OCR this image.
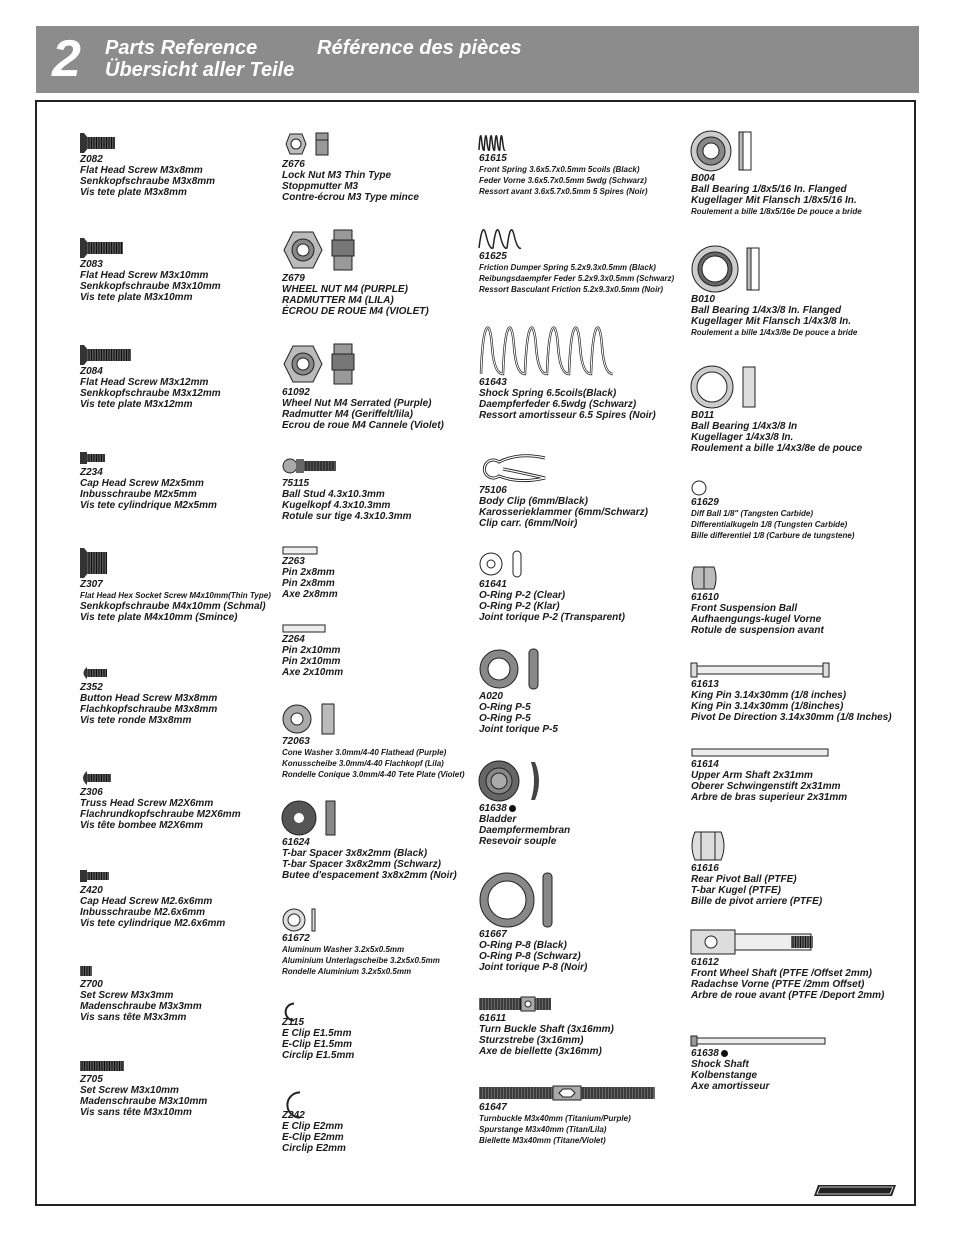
2 Parts Reference	Référence des pièces
Übersicht aller Teile
Z082
Flat Head Screw M3x8mm
Senkkopfschraube M3x8mm
Vis tete plate M3x8mm
Z083
Flat Head Screw M3x10mm
Senkkopfschraube M3x10mm
Vis tete plate M3x10mm
Z084
Flat Head Screw M3x12mm
Senkkopfschraube M3x12mm
Vis tete plate M3x12mm
Z234
Cap Head Screw M2x5mm
Inbusschraube M2x5mm
Vis tete cylindrique M2x5mm
Z307
Flat Head Hex Socket Screw M4x10mm(Thin Type)
Senkkopfschraube M4x10mm (Schmal)
Vis tete plate M4x10mm (Smince)
Z352
Button Head Screw M3x8mm
Flachkopfschraube M3x8mm
Vis tete ronde M3x8mm
Z306
Truss Head Screw M2X6mm
Flachrundkopfschraube M2X6mm
Vis tête bombee M2X6mm
Z420
Cap Head Screw M2.6x6mm
Inbusschraube M2.6x6mm
Vis tete cylindrique M2.6x6mm
Z700
Set Screw M3x3mm
Madenschraube M3x3mm
Vis sans tête M3x3mm
Z705
Set Screw M3x10mm
Madenschraube M3x10mm
Vis sans tête M3x10mm
Z676
Lock Nut M3 Thin Type
Stoppmutter M3
Contre-écrou M3 Type mince
Z679
WHEEL NUT M4 (PURPLE)
RADMUTTER M4 (LILA)
ÉCROU DE ROUE M4 (VIOLET)
61092
Wheel Nut M4 Serrated (Purple)
Radmutter M4 (Geriffelt/lila)
Ecrou de roue M4 Cannele (Violet)
75115
Ball Stud 4.3x10.3mm
Kugelkopf 4.3x10.3mm
Rotule sur tige 4.3x10.3mm
Z263
Pin 2x8mm
Pin 2x8mm
Axe 2x8mm
Z264
Pin 2x10mm
Pin 2x10mm
Axe 2x10mm
72063
Cone Washer 3.0mm/4-40 Flathead (Purple)
Konusscheibe 3.0mm/4-40 Flachkopf (Lila)
Rondelle Conique 3.0mm/4-40 Tete Plate (Violet)
61624
T-bar Spacer 3x8x2mm (Black)
T-bar Spacer 3x8x2mm (Schwarz)
Butee d'espacement 3x8x2mm (Noir)
61672
Aluminum Washer 3.2x5x0.5mm
Aluminium Unterlagscheibe 3.2x5x0.5mm
Rondelle Aluminium 3.2x5x0.5mm
Z115
E Clip E1.5mm
E-Clip E1.5mm
Circlip E1.5mm
Z242
E Clip E2mm
E-Clip E2mm
Circlip E2mm
61615
Front Spring 3.6x5.7x0.5mm 5coils (Black)
Feder Vorne 3.6x5.7x0.5mm 5wdg (Schwarz)
Ressort avant 3.6x5.7x0.5mm 5 Spires (Noir)
61625
Friction Dumper Spring 5.2x9.3x0.5mm (Black)
Reibungsdaempfer Feder 5.2x9.3x0.5mm (Schwarz)
Ressort Basculant Friction 5.2x9.3x0.5mm (Noir)
61643
Shock Spring 6.5coils(Black)
Daempferfeder 6.5wdg (Schwarz)
Ressort amortisseur 6.5 Spires (Noir)
75106
Body Clip (6mm/Black)
Karosserieklammer (6mm/Schwarz)
Clip carr. (6mm/Noir)
61641
O-Ring P-2 (Clear)
O-Ring P-2 (Klar)
Joint torique P-2 (Transparent)
A020
O-Ring P-5
O-Ring P-5
Joint torique P-5
61638
Bladder
Daempfermembran
Resevoir souple
61667
O-Ring P-8 (Black)
O-Ring P-8 (Schwarz)
Joint torique P-8 (Noir)
61611
Turn Buckle Shaft (3x16mm)
Sturzstrebe (3x16mm)
Axe de biellette (3x16mm)
61647
Turnbuckle M3x40mm (Titanium/Purple)
Spurstange M3x40mm (Titan/Lila)
Biellette M3x40mm (Titane/Violet)
B004
Ball Bearing 1/8x5/16 In. Flanged
Kugellager Mit Flansch 1/8x5/16 In.
Roulement a bille 1/8x5/16e De pouce a bride
B010
Ball Bearing 1/4x3/8 In. Flanged
Kugellager Mit Flansch 1/4x3/8 In.
Roulement a bille 1/4x3/8e De pouce a bride
B011
Ball Bearing 1/4x3/8 In
Kugellager 1/4x3/8 In.
Roulement a bille 1/4x3/8e de pouce
61629
Diff Ball 1/8" (Tangsten Carbide)
Differentialkugeln 1/8 (Tungsten Carbide)
Bille differentiel 1/8 (Carbure de tungstene)
61610
Front Suspension Ball
Aufhaengungs-kugel Vorne
Rotule de suspension avant
61613
King Pin 3.14x30mm (1/8 inches)
King Pin 3.14x30mm (1/8inches)
Pivot De Direction 3.14x30mm (1/8 Inches)
61614
Upper Arm Shaft 2x31mm
Oberer Schwingenstift 2x31mm
Arbre de bras superieur 2x31mm
61616
Rear Pivot Ball (PTFE)
T-bar Kugel (PTFE)
Bille de pivot arriere (PTFE)
61612
Front Wheel Shaft (PTFE /Offset 2mm)
Radachse Vorne (PTFE /2mm Offset)
Arbre de roue avant (PTFE /Deport 2mm)
61638
Shock Shaft
Kolbenstange
Axe amortisseur
